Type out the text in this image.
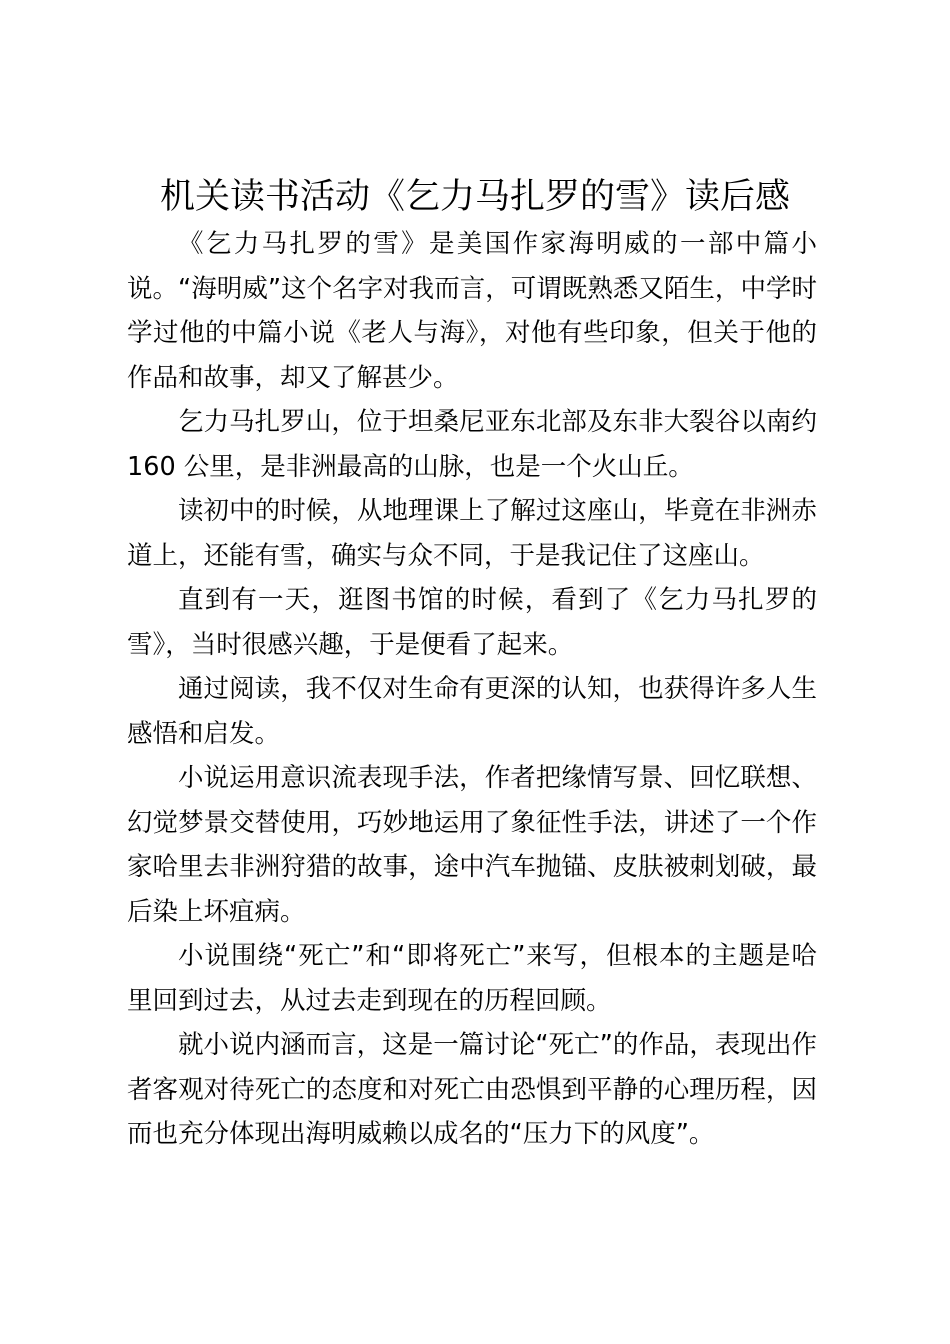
机关读书活动《乞力马扎罗的雪》读后感

《乞力马扎罗的雪》是美国作家海明威的一部中篇小说。“海明威”这个名字对我而言，可谓既熟悉又陌生，中学时学过他的中篇小说《老人与海》，对他有些印象，但关于他的作品和故事，却又了解甚少。

乞力马扎罗山，位于坦桑尼亚东北部及东非大裂谷以南约160 公里，是非洲最高的山脉，也是一个火山丘。

读初中的时候，从地理课上了解过这座山，毕竟在非洲赤道上，还能有雪，确实与众不同，于是我记住了这座山。

直到有一天，逛图书馆的时候，看到了《乞力马扎罗的雪》，当时很感兴趣，于是便看了起来。

通过阅读，我不仅对生命有更深的认知，也获得许多人生感悟和启发。

小说运用意识流表现手法，作者把缘情写景、回忆联想、幻觉梦景交替使用，巧妙地运用了象征性手法，讲述了一个作家哈里去非洲狩猎的故事，途中汽车抛锚、皮肤被刺划破，最后染上坏疽病。

小说围绕“死亡”和“即将死亡”来写，但根本的主题是哈里回到过去，从过去走到现在的历程回顾。

就小说内涵而言，这是一篇讨论“死亡”的作品，表现出作者客观对待死亡的态度和对死亡由恐惧到平静的心理历程，因而也充分体现出海明威赖以成名的“压力下的风度”。
